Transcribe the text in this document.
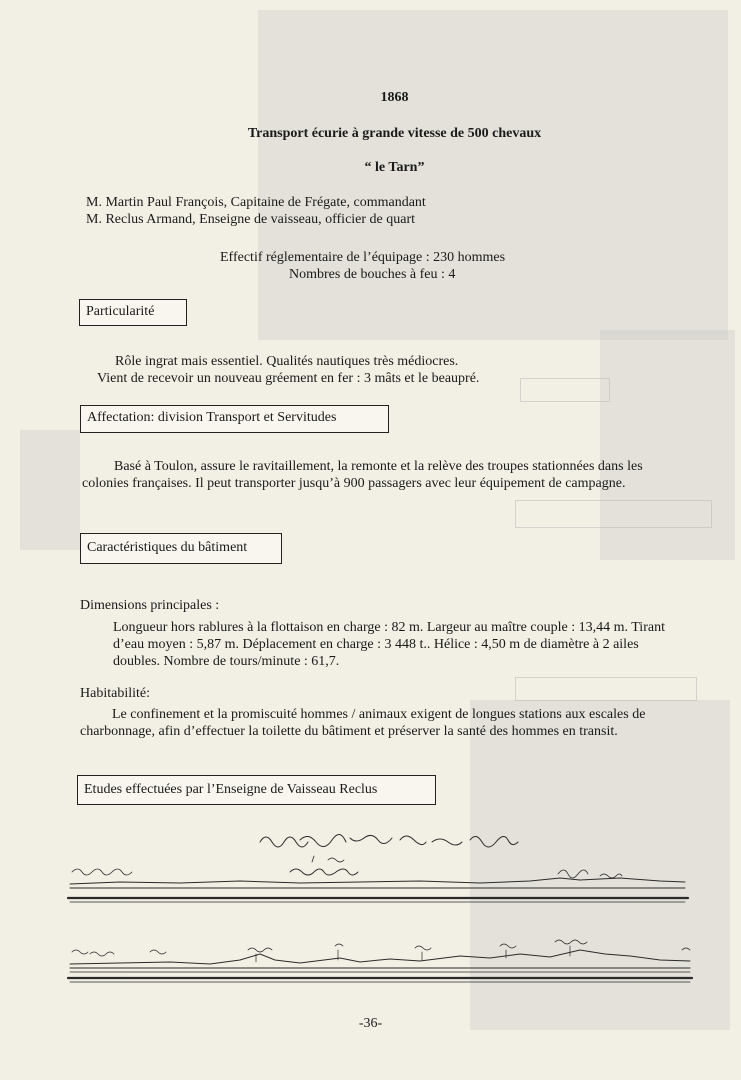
1868
Transport écurie à grande vitesse de 500 chevaux
“ le Tarn”
M. Martin Paul François, Capitaine de Frégate, commandant
M. Reclus Armand, Enseigne de vaisseau, officier de quart
Effectif réglementaire de l’équipage : 230 hommes
Nombres de bouches à feu : 4
Particularité
Rôle ingrat mais essentiel. Qualités nautiques très médiocres.
Vient de recevoir un nouveau gréement en fer : 3 mâts et le beaupré.
Affectation: division Transport et Servitudes
Basé à Toulon, assure le ravitaillement, la remonte et la relève des troupes stationnées dans les colonies françaises. Il peut transporter jusqu’à 900 passagers avec leur équipement de campagne.
Caractéristiques du bâtiment
Dimensions principales :
Longueur hors rablures à la flottaison en charge : 82 m. Largeur au maître couple : 13,44 m. Tirant d’eau moyen : 5,87 m. Déplacement en charge : 3 448 t.. Hélice : 4,50 m de diamètre à 2 ailes doubles. Nombre de tours/minute : 61,7.
Habitabilité:
Le confinement et la promiscuité hommes / animaux exigent de longues stations aux escales de charbonnage, afin d’effectuer la toilette du bâtiment et préserver la santé des hommes en transit.
Etudes effectuées par l’Enseigne de Vaisseau Reclus
-36-
